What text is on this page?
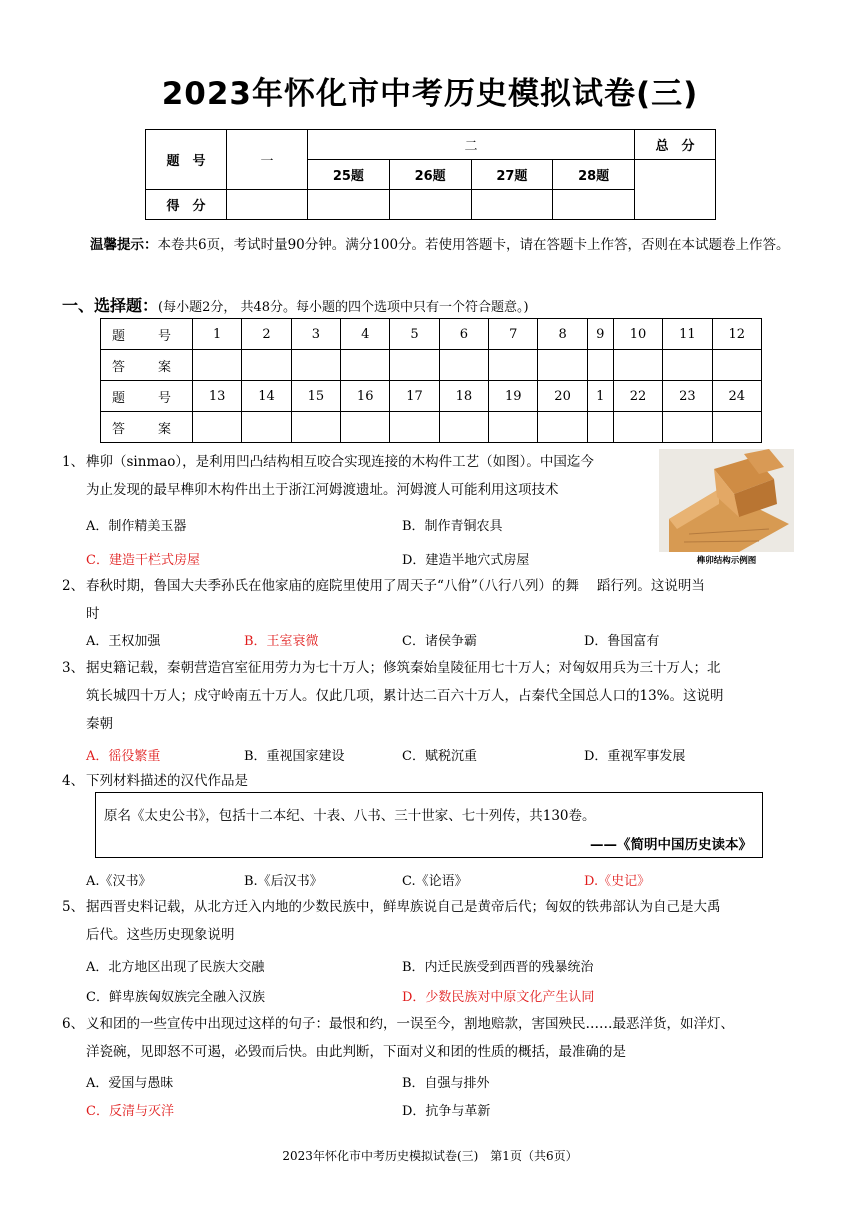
2023年怀化市中考历史模拟试卷(三)
题　号	一	二				总　分
		25题	26题	27题	28题	
得　分						
温馨提示：本卷共6页，考试时量90分钟。满分100分。若使用答题卡，请在答题卡上作答，否则在本试题卷上作答。
一、选择题：(每小题2分， 共48分。每小题的四个选项中只有一个符合题意。)
题　号	1	2	3	4	5	6	7	8	9	10	11	12
答　案												
题　号	13	14	15	16	17	18	19	20	1	22	23	24
答　案												
1、 榫卯（sinmao），是利用凹凸结构相互咬合实现连接的木构件工艺（如图）。中国迄今
为止发现的最早榫卯木构件出土于浙江河姆渡遗址。河姆渡人可能利用这项技术
A．制作精美玉器	B．制作青铜农具
C．建造干栏式房屋	D．建造半地穴式房屋	榫卯结构示例图
2、 春秋时期，鲁国大夫季孙氏在他家庙的庭院里使用了周天子“八佾”（八行八列）的舞　 蹈行列。这说明当
时
A．王权加强	B．王室衰微	C．诸侯争霸	D．鲁国富有
3、 据史籍记载，秦朝营造宫室征用劳力为七十万人；修筑秦始皇陵征用七十万人；对匈奴用兵为三十万人；北
筑长城四十万人；戍守岭南五十万人。仅此几项，累计达二百六十万人，占秦代全国总人口的13%。这说明
秦朝
A．徭役繁重	B．重视国家建设	C．赋税沉重	D．重视军事发展
4、 下列材料描述的汉代作品是
原名《太史公书》，包括十二本纪、十表、八书、三十世家、七十列传，共130卷。
——《简明中国历史读本》
A.《汉书》	B.《后汉书》	C.《论语》	D.《史记》
5、 据西晋史料记载，从北方迁入内地的少数民族中，鲜卑族说自己是黄帝后代；匈奴的铁弗部认为自己是大禹
后代。这些历史现象说明
A．北方地区出现了民族大交融	B．内迁民族受到西晋的残暴统治
C．鲜卑族匈奴族完全融入汉族	D．少数民族对中原文化产生认同
6、 义和团的一些宣传中出现过这样的句子：最恨和约，一误至今，割地赔款，害国殃民……最恶洋货，如洋灯、
洋瓷碗，见即怒不可遏，必毁而后快。由此判断，下面对义和团的性质的概括，最准确的是
A．爱国与愚昧	B．自强与排外
C．反清与灭洋	D．抗争与革新
2023年怀化市中考历史模拟试卷(三)　第1页（共6页）
